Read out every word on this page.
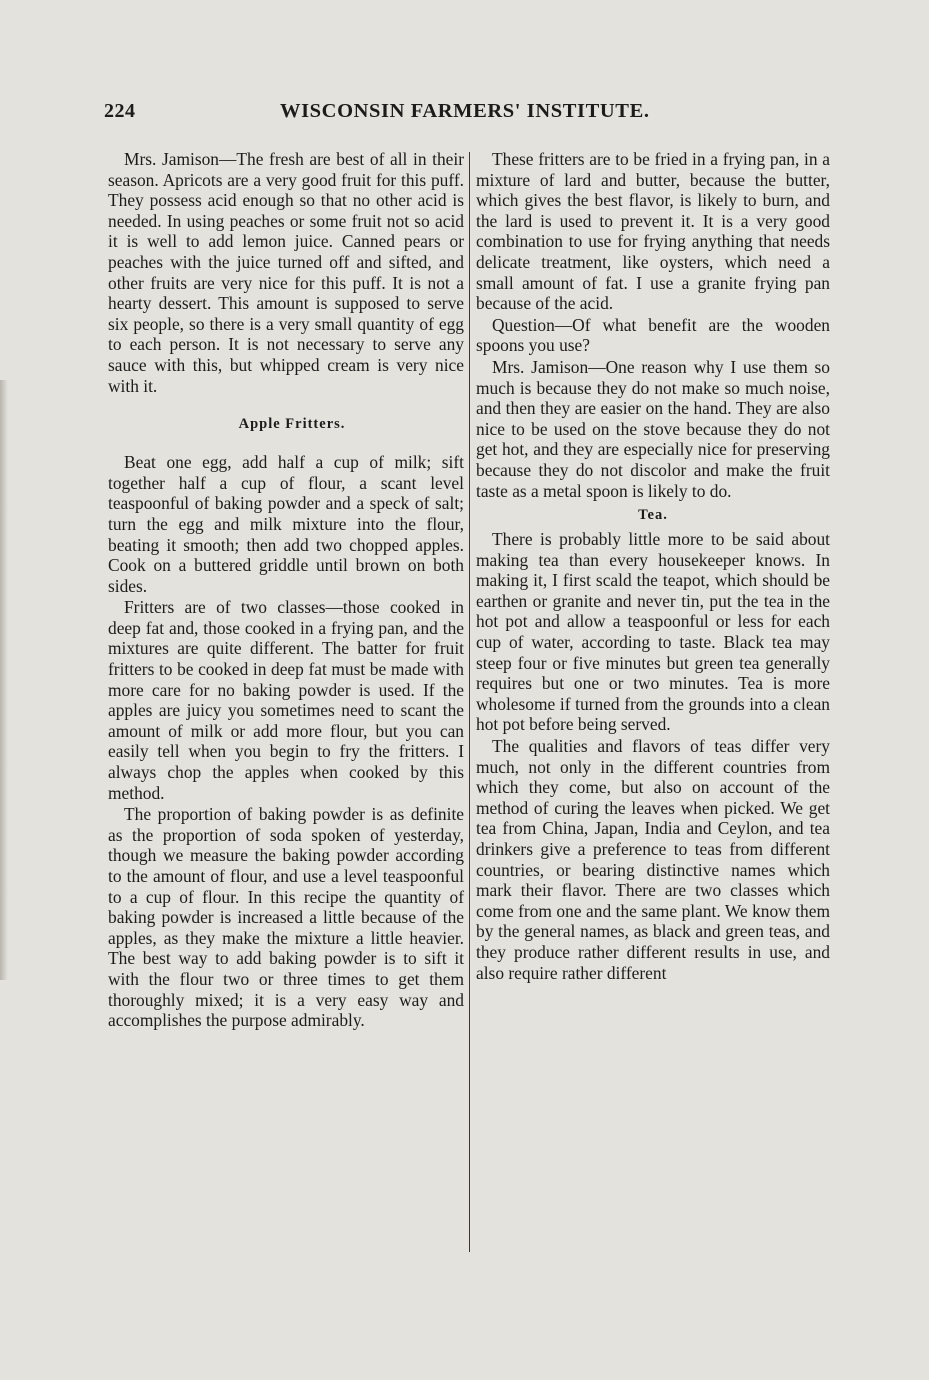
224	WISCONSIN FARMERS' INSTITUTE.

Mrs. Jamison—The fresh are best of all in their season. Apricots are a very good fruit for this puff. They possess acid enough so that no other acid is needed. In using peaches or some fruit not so acid it is well to add lemon juice. Canned pears or peaches with the juice turned off and sifted, and other fruits are very nice for this puff. It is not a hearty dessert. This amount is supposed to serve six people, so there is a very small quantity of egg to each person. It is not necessary to serve any sauce with this, but whipped cream is very nice with it.

Apple Fritters.

Beat one egg, add half a cup of milk; sift together half a cup of flour, a scant level teaspoonful of baking powder and a speck of salt; turn the egg and milk mixture into the flour, beating it smooth; then add two chopped apples. Cook on a buttered griddle until brown on both sides.

Fritters are of two classes—those cooked in deep fat and, those cooked in a frying pan, and the mixtures are quite different. The batter for fruit fritters to be cooked in deep fat must be made with more care for no baking powder is used. If the apples are juicy you sometimes need to scant the amount of milk or add more flour, but you can easily tell when you begin to fry the fritters. I always chop the apples when cooked by this method.

The proportion of baking powder is as definite as the proportion of soda spoken of yesterday, though we measure the baking powder according to the amount of flour, and use a level teaspoonful to a cup of flour. In this recipe the quantity of baking powder is increased a little because of the apples, as they make the mixture a little heavier. The best way to add baking powder is to sift it with the flour two or three times to get them thoroughly mixed; it is a very easy way and accomplishes the purpose admirably.

These fritters are to be fried in a frying pan, in a mixture of lard and butter, because the butter, which gives the best flavor, is likely to burn, and the lard is used to prevent it. It is a very good combination to use for frying anything that needs delicate treatment, like oysters, which need a small amount of fat. I use a granite frying pan because of the acid.

Question—Of what benefit are the wooden spoons you use?

Mrs. Jamison—One reason why I use them so much is because they do not make so much noise, and then they are easier on the hand. They are also nice to be used on the stove because they do not get hot, and they are especially nice for preserving because they do not discolor and make the fruit taste as a metal spoon is likely to do.

Tea.

There is probably little more to be said about making tea than every housekeeper knows. In making it, I first scald the teapot, which should be earthen or granite and never tin, put the tea in the hot pot and allow a teaspoonful or less for each cup of water, according to taste. Black tea may steep four or five minutes but green tea generally requires but one or two minutes. Tea is more wholesome if turned from the grounds into a clean hot pot before being served.

The qualities and flavors of teas differ very much, not only in the different countries from which they come, but also on account of the method of curing the leaves when picked. We get tea from China, Japan, India and Ceylon, and tea drinkers give a preference to teas from different countries, or bearing distinctive names which mark their flavor. There are two classes which come from one and the same plant. We know them by the general names, as black and green teas, and they produce rather different results in use, and also require rather different
